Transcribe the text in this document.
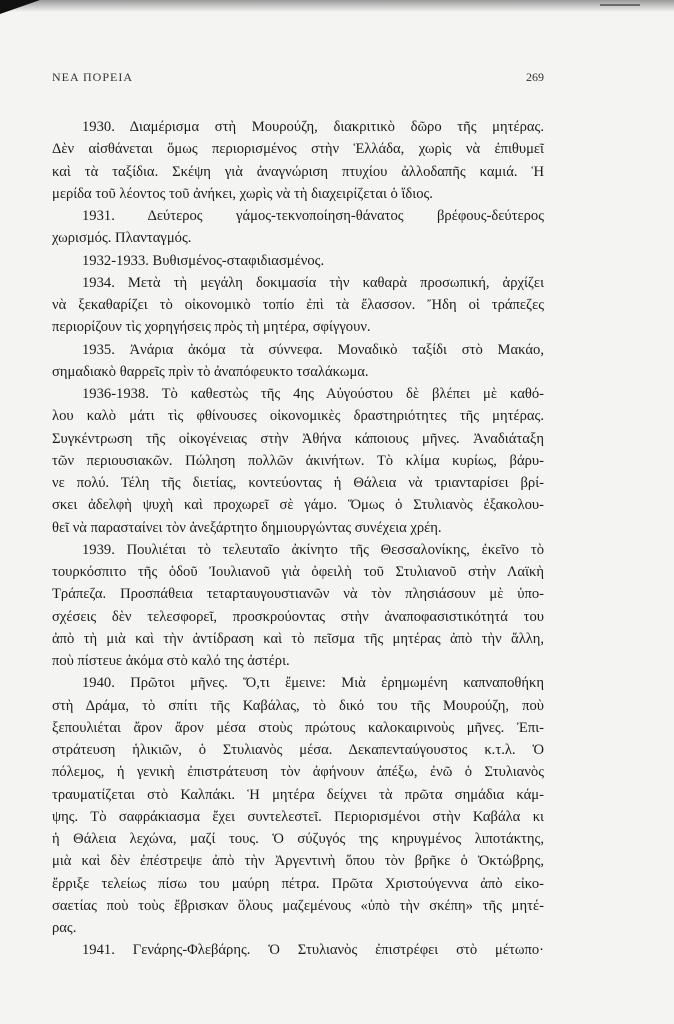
ΝΕΑ ΠΟΡΕΙΑ	269
1930. Διαμέρισμα στὴ Μουρούζη, διακριτικὸ δῶρο τῆς μητέρας.
Δὲν αἰσθάνεται ὅμως περιορισμένος στὴν Ἑλλάδα, χωρὶς νὰ ἐπιθυμεῖ
καὶ τὰ ταξίδια. Σκέψη γιὰ ἀναγνώριση πτυχίου ἀλλοδαπῆς καμιά. Ἡ
μερίδα τοῦ λέοντος τοῦ ἀνήκει, χωρὶς νὰ τὴ διαχειρίζεται ὁ ἴδιος.
1931. Δεύτερος γάμος-τεκνοποίηση-θάνατος βρέφους-δεύτερος
χωρισμός. Πλανταγμός.
1932-1933. Βυθισμένος-σταφιδιασμένος.
1934. Μετὰ τὴ μεγάλη δοκιμασία τὴν καθαρὰ προσωπική, ἀρχίζει
νὰ ξεκαθαρίζει τὸ οἰκονομικὸ τοπίο ἐπὶ τὰ ἔλασσον. Ἤδη οἱ τράπεζες
περιορίζουν τὶς χορηγήσεις πρὸς τὴ μητέρα, σφίγγουν.
1935. Ἀνάρια ἀκόμα τὰ σύννεφα. Μοναδικὸ ταξίδι στὸ Μακάο,
σημαδιακὸ θαρρεῖς πρὶν τὸ ἀναπόφευκτο τσαλάκωμα.
1936-1938. Τὸ καθεστὼς τῆς 4ης Αὐγούστου δὲ βλέπει μὲ καθό-
λου καλὸ μάτι τὶς φθίνουσες οἰκονομικὲς δραστηριότητες τῆς μητέρας.
Συγκέντρωση τῆς οἰκογένειας στὴν Ἀθήνα κάποιους μῆνες. Ἀναδιάταξη
τῶν περιουσιακῶν. Πώληση πολλῶν ἀκινήτων. Τὸ κλίμα κυρίως, βάρυ-
νε πολύ. Τέλη τῆς διετίας, κοντεύοντας ἡ Θάλεια νὰ τριανταρίσει βρί-
σκει ἀδελφὴ ψυχὴ καὶ προχωρεῖ σὲ γάμο. Ὅμως ὁ Στυλιανὸς ἐξακολου-
θεῖ νὰ παρασταίνει τὸν ἀνεξάρτητο δημιουργώντας συνέχεια χρέη.
1939. Πουλιέται τὸ τελευταῖο ἀκίνητο τῆς Θεσσαλονίκης, ἐκεῖνο τὸ
τουρκόσπιτο τῆς ὁδοῦ Ἰουλιανοῦ γιὰ ὀφειλὴ τοῦ Στυλιανοῦ στὴν Λαϊκὴ
Τράπεζα. Προσπάθεια τεταρταυγουστιανῶν νὰ τὸν πλησιάσουν μὲ ὑπο-
σχέσεις δὲν τελεσφορεῖ, προσκρούοντας στὴν ἀναποφασιστικότητά του
ἀπὸ τὴ μιὰ καὶ τὴν ἀντίδραση καὶ τὸ πεῖσμα τῆς μητέρας ἀπὸ τὴν ἄλλη,
ποὺ πίστευε ἀκόμα στὸ καλό της ἀστέρι.
1940. Πρῶτοι μῆνες. Ὅ,τι ἔμεινε: Μιὰ ἐρημωμένη καπναποθήκη
στὴ Δράμα, τὸ σπίτι τῆς Καβάλας, τὸ δικό του τῆς Μουρούζη, ποὺ
ξεπουλιέται ἄρον ἄρον μέσα στοὺς πρώτους καλοκαιρινοὺς μῆνες. Ἐπι-
στράτευση ἡλικιῶν, ὁ Στυλιανὸς μέσα. Δεκαπενταύγουστος κ.τ.λ. Ὁ
πόλεμος, ἡ γενικὴ ἐπιστράτευση τὸν ἀφήνουν ἀπέξω, ἐνῶ ὁ Στυλιανὸς
τραυματίζεται στὸ Καλπάκι. Ἡ μητέρα δείχνει τὰ πρῶτα σημάδια κάμ-
ψης. Τὸ σαφράκιασμα ἔχει συντελεστεῖ. Περιορισμένοι στὴν Καβάλα κι
ἡ Θάλεια λεχώνα, μαζί τους. Ὁ σύζυγός της κηρυγμένος λιποτάκτης,
μιὰ καὶ δὲν ἐπέστρεψε ἀπὸ τὴν Ἀργεντινὴ ὅπου τὸν βρῆκε ὁ Ὀκτώβρης,
ἔρριξε τελείως πίσω του μαύρη πέτρα. Πρῶτα Χριστούγεννα ἀπὸ εἰκο-
σαετίας ποὺ τοὺς ἔβρισκαν ὅλους μαζεμένους «ὑπὸ τὴν σκέπη» τῆς μητέ-
ρας.
1941. Γενάρης-Φλεβάρης. Ὁ Στυλιανὸς ἐπιστρέφει στὸ μέτωπο·
